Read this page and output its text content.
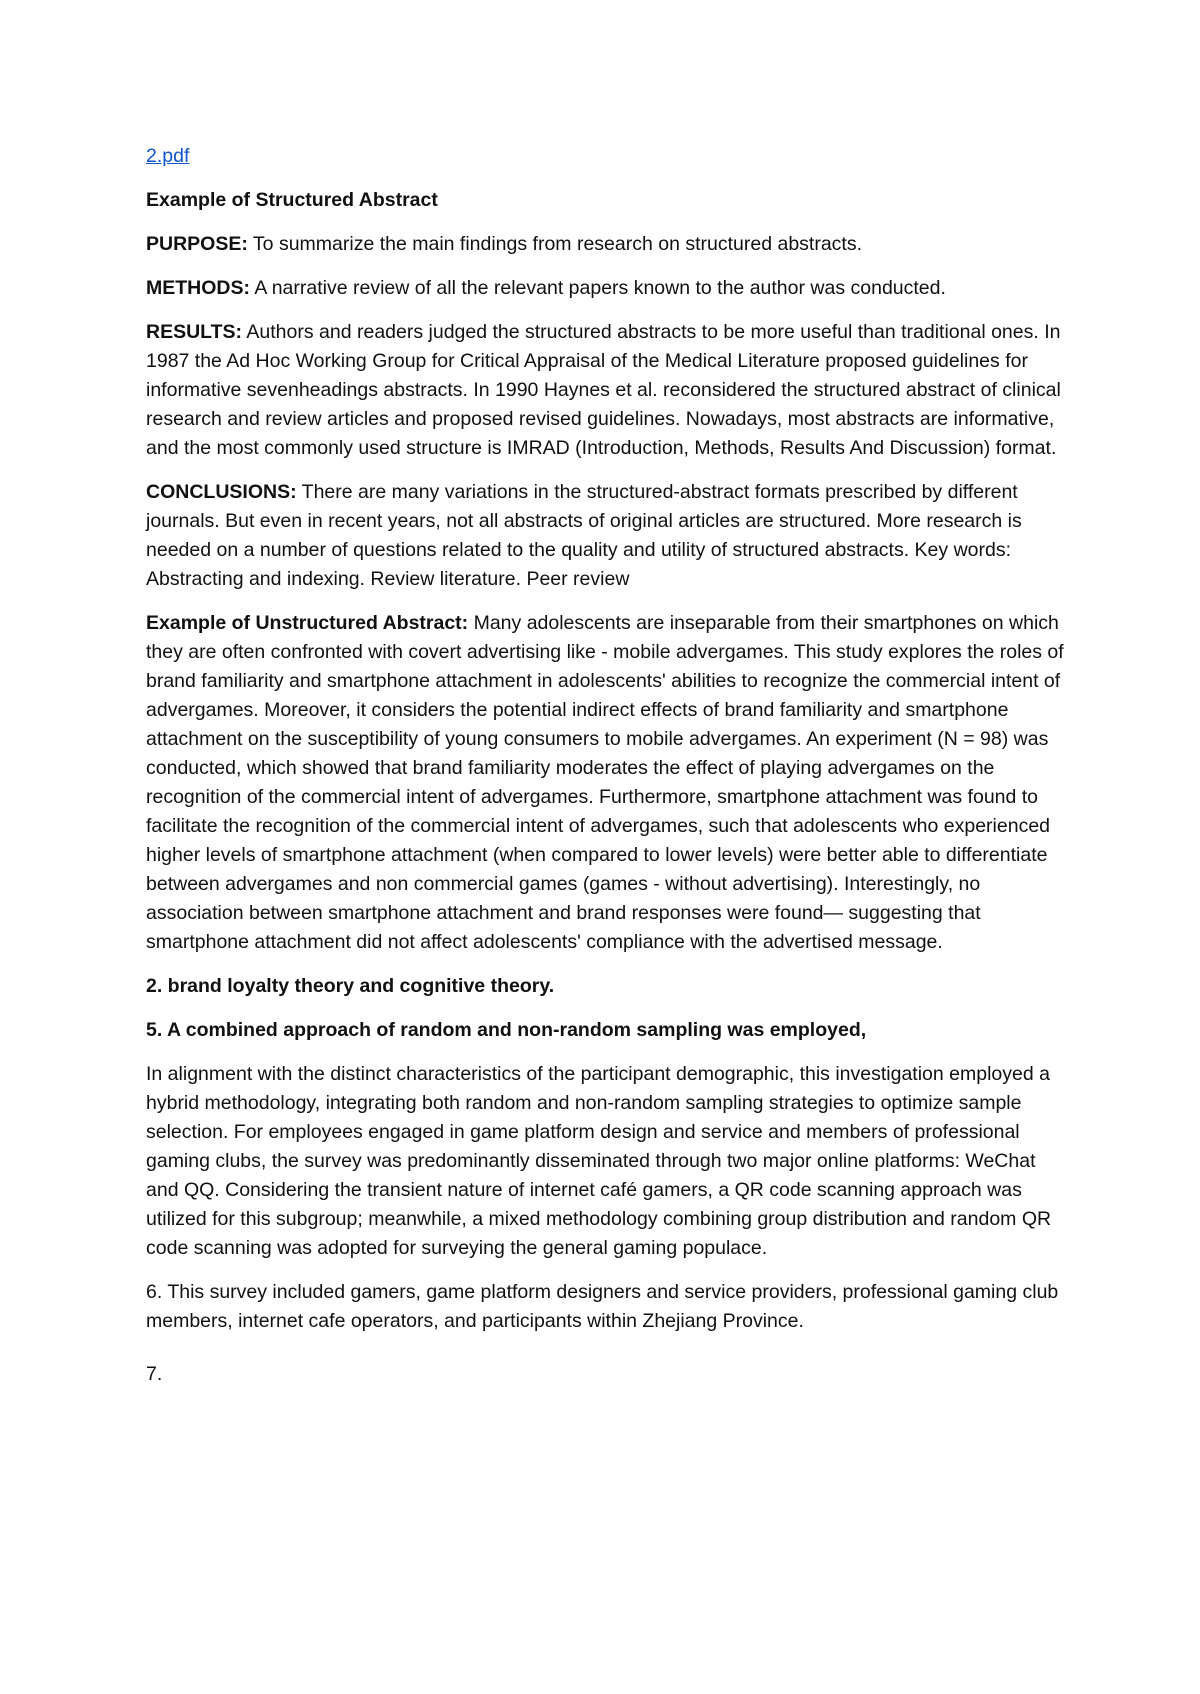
2.pdf

Example of Structured Abstract

PURPOSE: To summarize the main findings from research on structured abstracts.

METHODS: A narrative review of all the relevant papers known to the author was conducted.

RESULTS: Authors and readers judged the structured abstracts to be more useful than traditional ones. In 1987 the Ad Hoc Working Group for Critical Appraisal of the Medical Literature proposed guidelines for informative sevenheadings abstracts. In 1990 Haynes et al. reconsidered the structured abstract of clinical research and review articles and proposed revised guidelines. Nowadays, most abstracts are informative, and the most commonly used structure is IMRAD (Introduction, Methods, Results And Discussion) format.

CONCLUSIONS: There are many variations in the structured-abstract formats prescribed by different journals. But even in recent years, not all abstracts of original articles are structured. More research is needed on a number of questions related to the quality and utility of structured abstracts. Key words: Abstracting and indexing. Review literature. Peer review

Example of Unstructured Abstract: Many adolescents are inseparable from their smartphones on which they are often confronted with covert advertising like - mobile advergames. This study explores the roles of brand familiarity and smartphone attachment in adolescents' abilities to recognize the commercial intent of advergames. Moreover, it considers the potential indirect effects of brand familiarity and smartphone attachment on the susceptibility of young consumers to mobile advergames. An experiment (N = 98) was conducted, which showed that brand familiarity moderates the effect of playing advergames on the recognition of the commercial intent of advergames. Furthermore, smartphone attachment was found to facilitate the recognition of the commercial intent of advergames, such that adolescents who experienced higher levels of smartphone attachment (when compared to lower levels) were better able to differentiate between advergames and non commercial games (games - without advertising). Interestingly, no association between smartphone attachment and brand responses were found— suggesting that smartphone attachment did not affect adolescents' compliance with the advertised message.

2. brand loyalty theory and cognitive theory.

5. A combined approach of random and non-random sampling was employed,

In alignment with the distinct characteristics of the participant demographic, this investigation employed a hybrid methodology, integrating both random and non-random sampling strategies to optimize sample selection. For employees engaged in game platform design and service and members of professional gaming clubs, the survey was predominantly disseminated through two major online platforms: WeChat and QQ. Considering the transient nature of internet café gamers, a QR code scanning approach was utilized for this subgroup; meanwhile, a mixed methodology combining group distribution and random QR code scanning was adopted for surveying the general gaming populace.

6. This survey included gamers, game platform designers and service providers, professional gaming club members, internet cafe operators, and participants within Zhejiang Province.

7.
